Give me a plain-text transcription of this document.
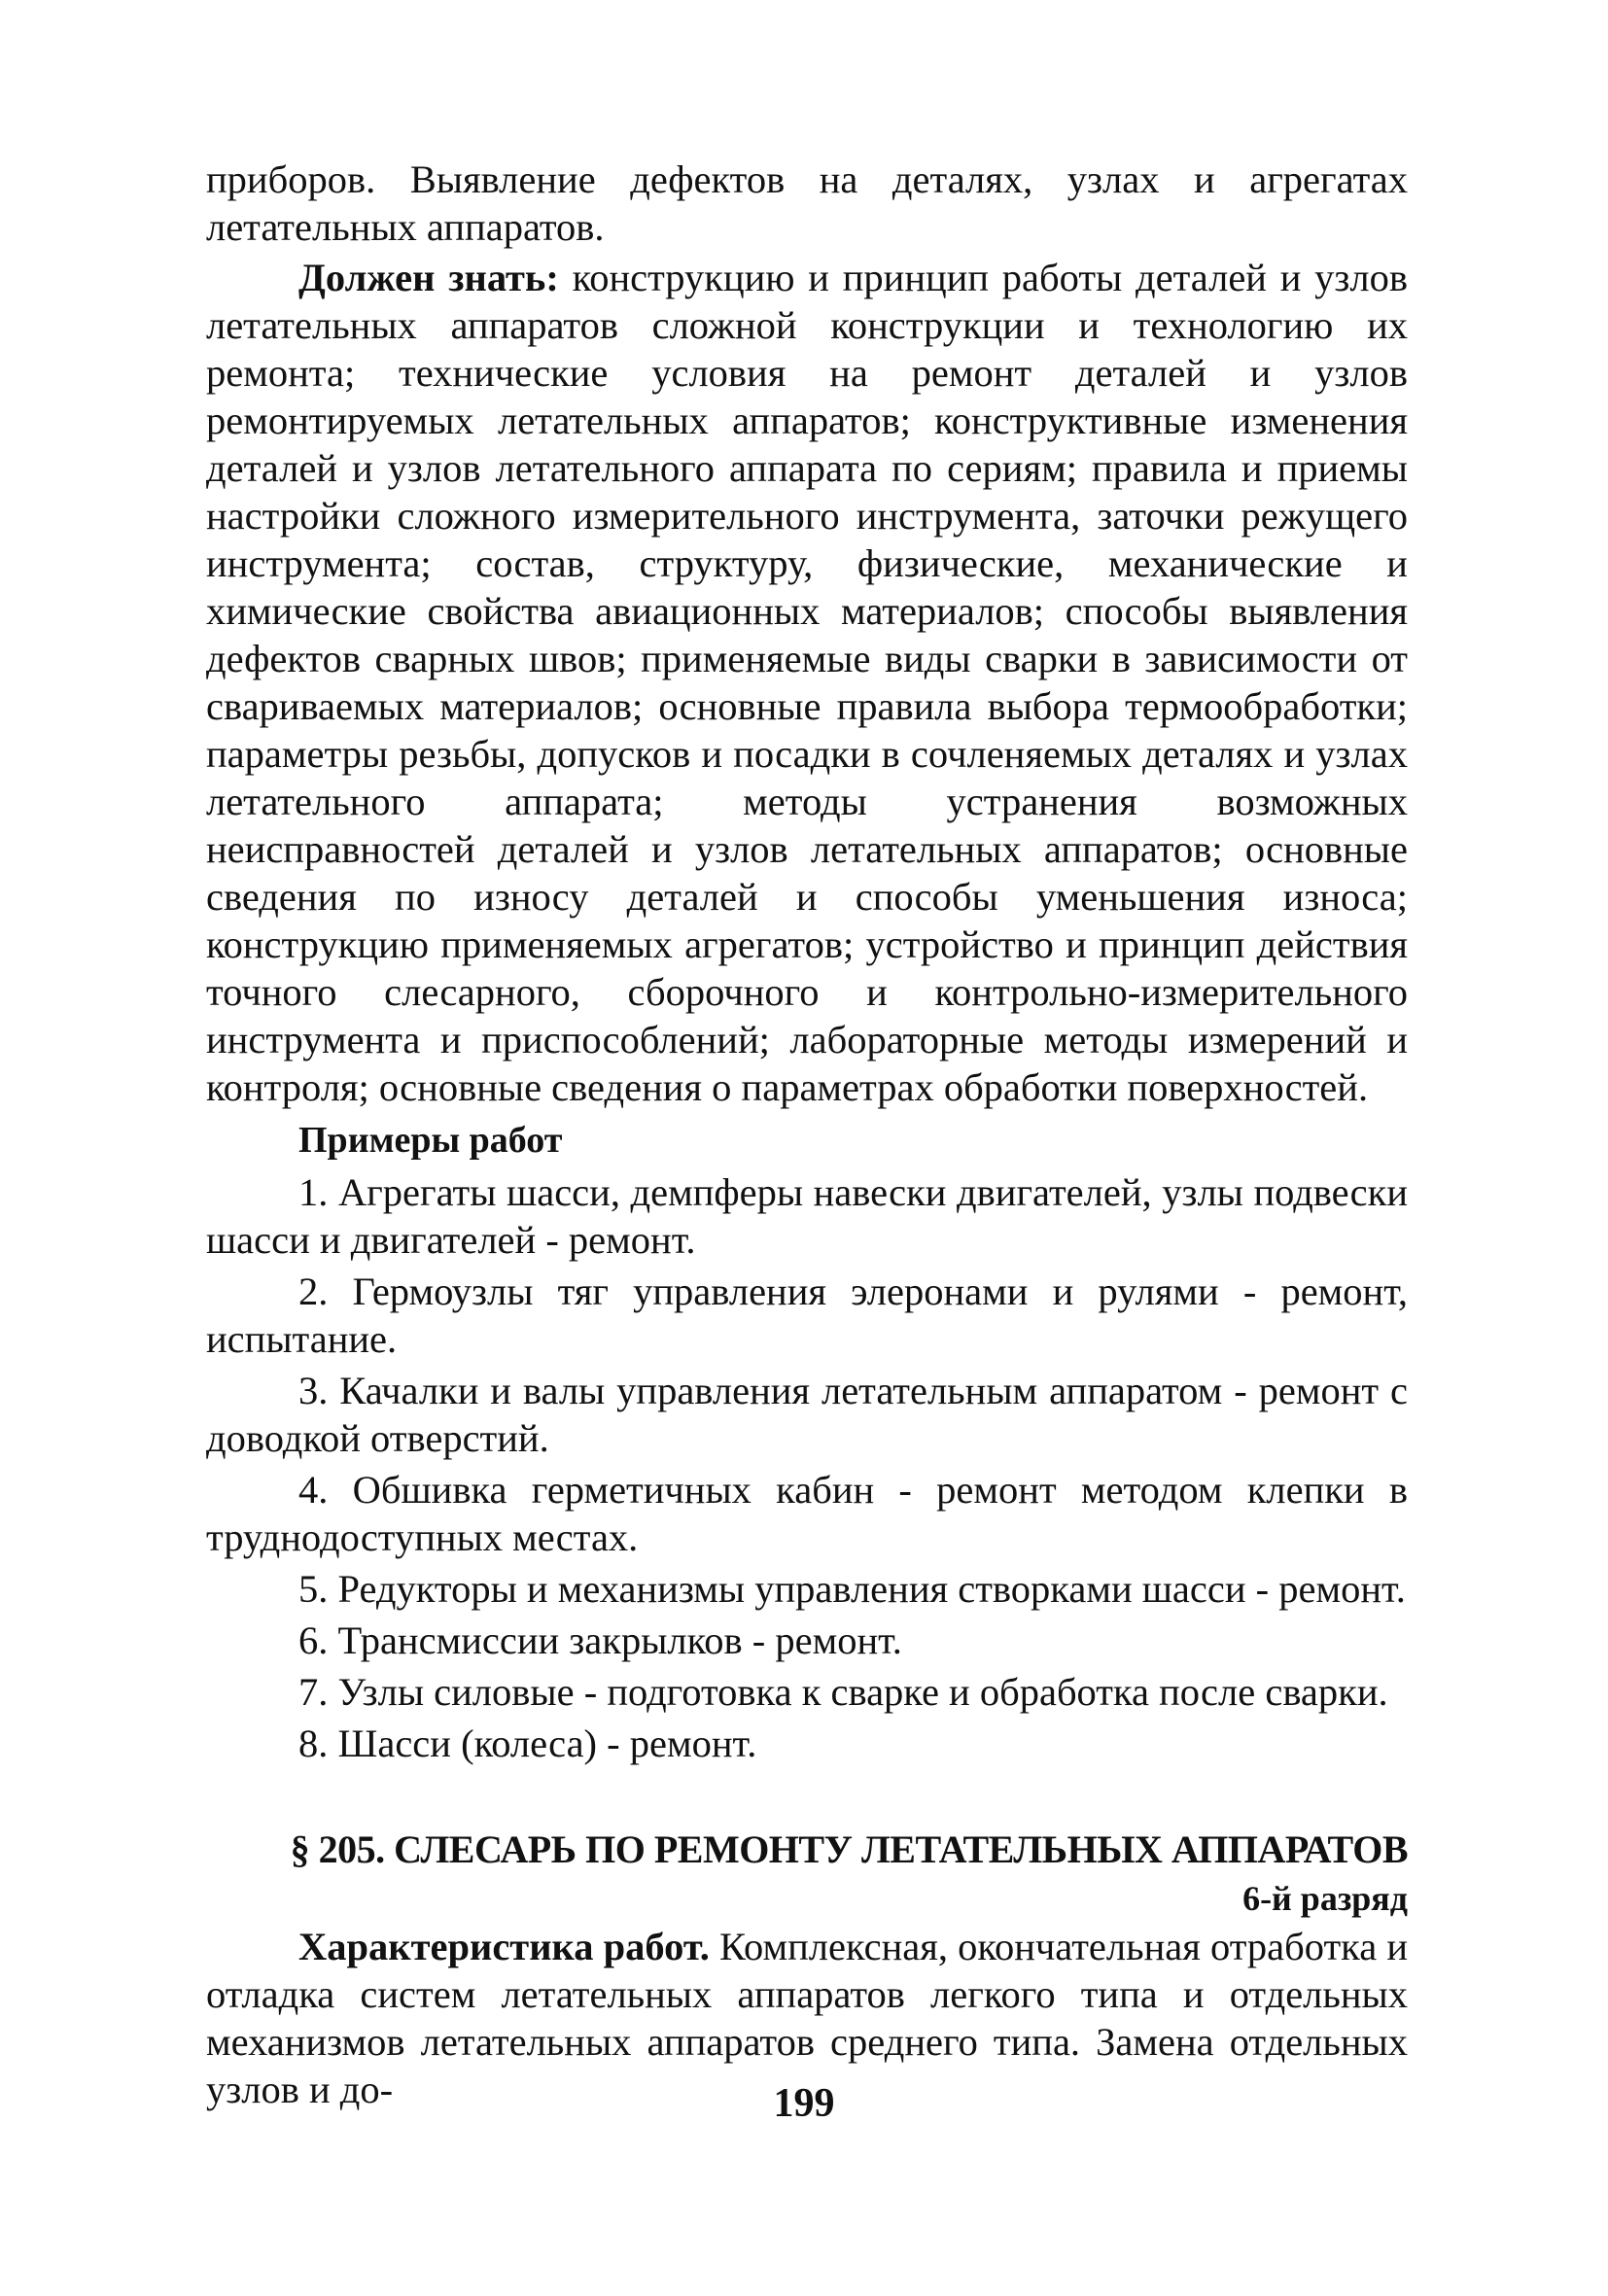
приборов. Выявление дефектов на деталях, узлах и агрегатах летательных аппаратов.

Должен знать: конструкцию и принцип работы деталей и узлов летательных аппаратов сложной конструкции и технологию их ремонта; технические условия на ремонт деталей и узлов ремонтируемых летательных аппаратов; конструктивные изменения деталей и узлов летательного аппарата по сериям; правила и приемы настройки сложного измерительного инструмента, заточки режущего инструмента; состав, структуру, физические, механические и химические свойства авиационных материалов; способы выявления дефектов сварных швов; применяемые виды сварки в зависимости от свариваемых материалов; основные правила выбора термообработки; параметры резьбы, допусков и посадки в сочленяемых деталях и узлах летательного аппарата; методы устранения возможных неисправностей деталей и узлов летательных аппаратов; основные сведения по износу деталей и способы уменьшения износа; конструкцию применяемых агрегатов; устройство и принцип действия точного слесарного, сборочного и контрольно-измерительного инструмента и приспособлений; лабораторные методы измерений и контроля; основные сведения о параметрах обработки поверхностей.

Примеры работ

1. Агрегаты шасси, демпферы навески двигателей, узлы подвески шасси и двигателей - ремонт.

2. Гермоузлы тяг управления элеронами и рулями - ремонт, испытание.

3. Качалки и валы управления летательным аппаратом - ремонт с доводкой отверстий.

4. Обшивка герметичных кабин - ремонт методом клепки в труднодоступных местах.

5. Редукторы и механизмы управления створками шасси - ремонт.

6. Трансмиссии закрылков - ремонт.

7. Узлы силовые - подготовка к сварке и обработка после сварки.

8. Шасси (колеса) - ремонт.

§ 205. СЛЕСАРЬ ПО РЕМОНТУ ЛЕТАТЕЛЬНЫХ АППАРАТОВ
6-й разряд

Характеристика работ. Комплексная, окончательная отработка и отладка систем летательных аппаратов легкого типа и отдельных механизмов летательных аппаратов среднего типа. Замена отдельных узлов и до-	199
